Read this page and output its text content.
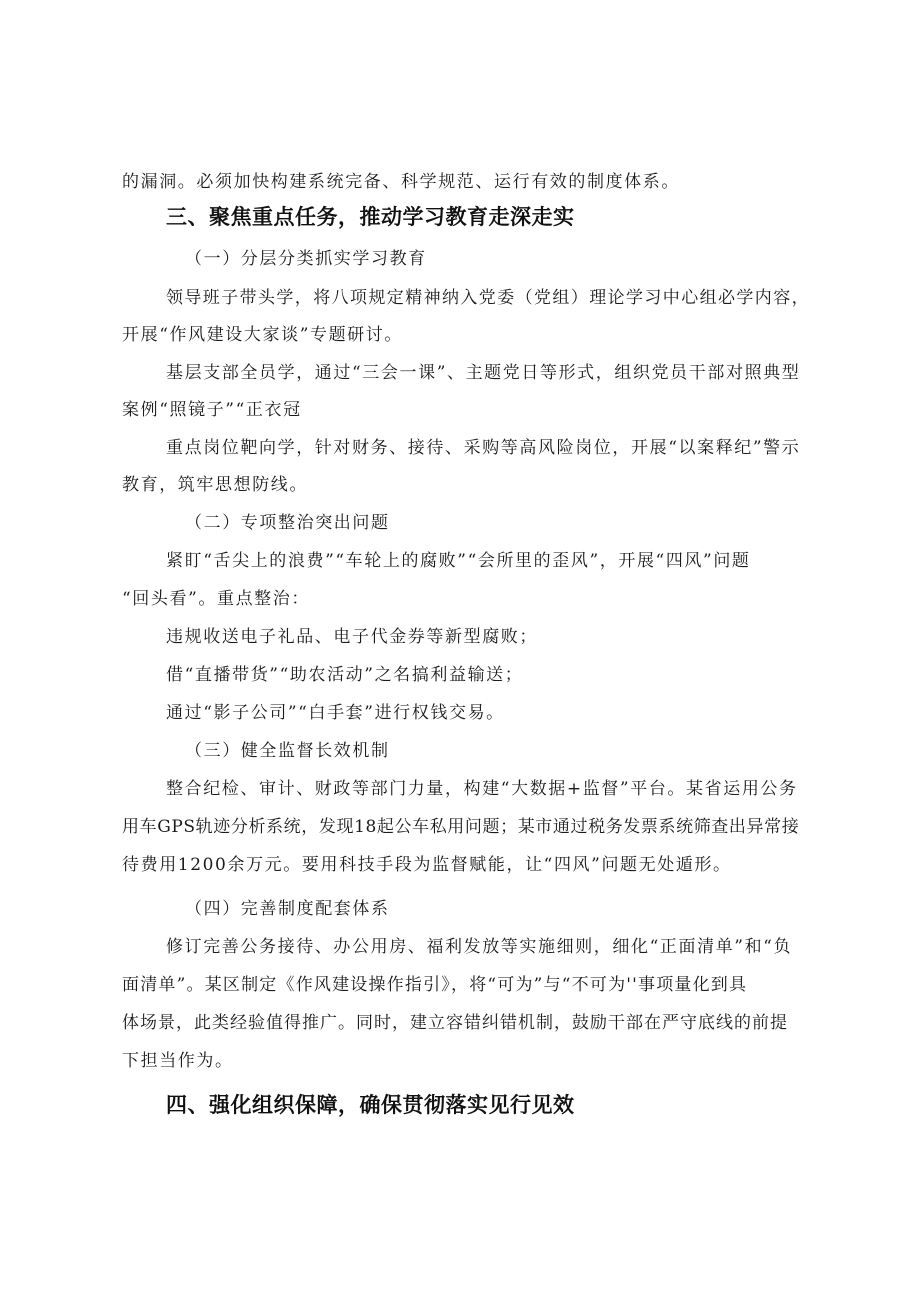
的漏洞。必须加快构建系统完备、科学规范、运行有效的制度体系。
三、聚焦重点任务，推动学习教育走深走实
（一）分层分类抓实学习教育
领导班子带头学，将八项规定精神纳入党委（党组）理论学习中心组必学内容，
开展“作风建设大家谈”专题研讨。
基层支部全员学，通过“三会一课”、主题党日等形式，组织党员干部对照典型
案例“照镜子”“正衣冠
重点岗位靶向学，针对财务、接待、采购等高风险岗位，开展“以案释纪”警示
教育，筑牢思想防线。
（二）专项整治突出问题
紧盯“舌尖上的浪费”“车轮上的腐败”“会所里的歪风”，开展“四风”问题
“回头看”。重点整治：
违规收送电子礼品、电子代金券等新型腐败；
借“直播带货”“助农活动”之名搞利益输送；
通过“影子公司”“白手套”进行权钱交易。
（三）健全监督长效机制
整合纪检、审计、财政等部门力量，构建“大数据+监督”平台。某省运用公务
用车GPS轨迹分析系统，发现18起公车私用问题；某市通过税务发票系统筛查出异常接
待费用1200余万元。要用科技手段为监督赋能，让“四风”问题无处遁形。
（四）完善制度配套体系
修订完善公务接待、办公用房、福利发放等实施细则，细化“正面清单”和“负
面清单”。某区制定《作风建设操作指引》，将“可为”与“不可为''事项量化到具
体场景，此类经验值得推广。同时，建立容错纠错机制，鼓励干部在严守底线的前提
下担当作为。
四、强化组织保障，确保贯彻落实见行见效
